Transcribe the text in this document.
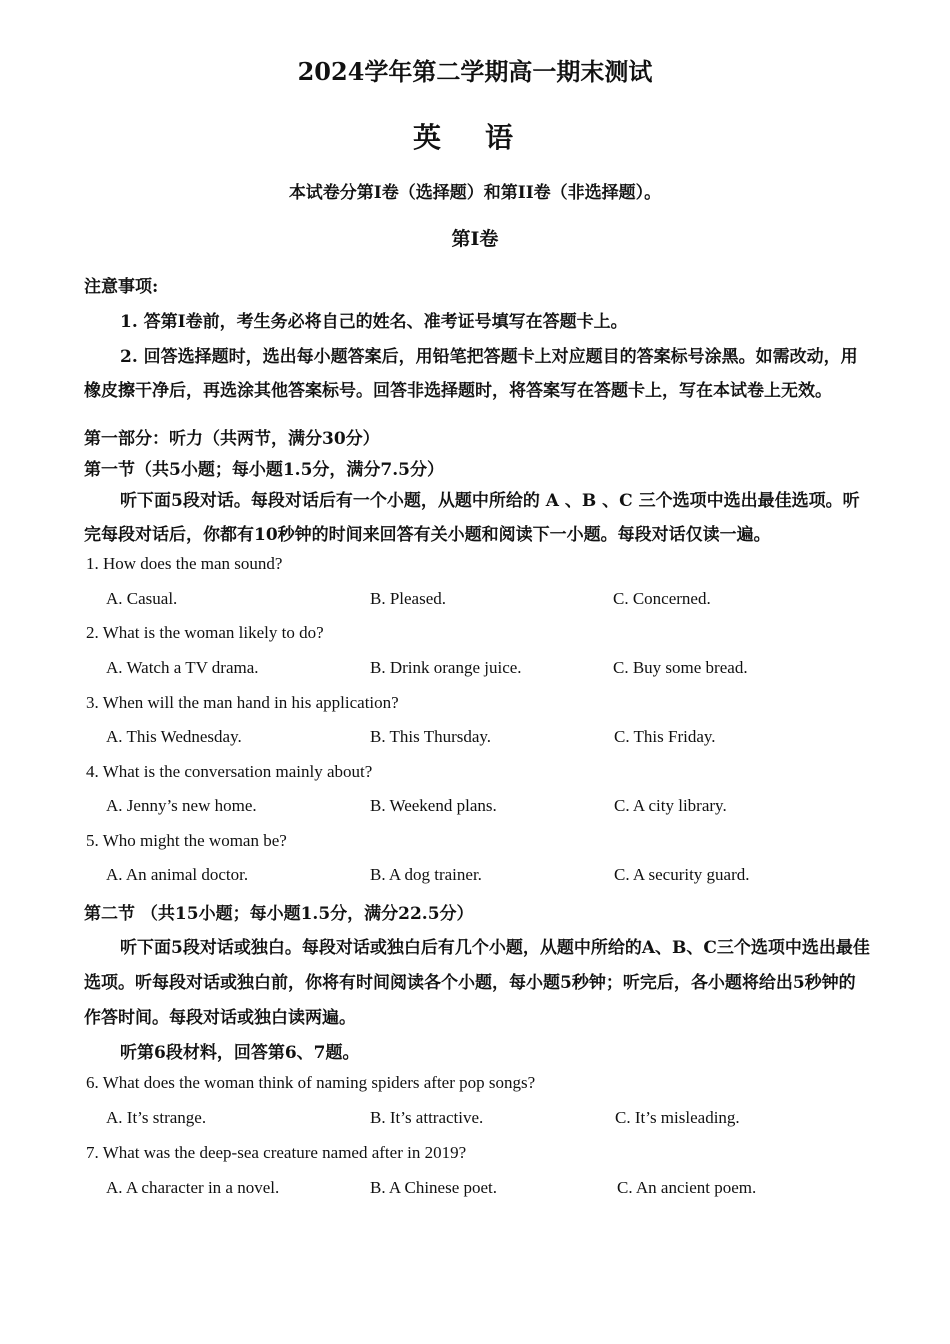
2024学年第二学期高一期末测试
英语
本试卷分第I卷（选择题）和第II卷（非选择题）。
第I卷
注意事项:
1. 答第I卷前，考生务必将自己的姓名、准考证号填写在答题卡上。
2. 回答选择题时，选出每小题答案后，用铅笔把答题卡上对应题目的答案标号涂黑。如需改动，用
橡皮擦干净后，再选涂其他答案标号。回答非选择题时，将答案写在答题卡上，写在本试卷上无效。
第一部分：听力（共两节，满分30分）
第一节（共5小题；每小题1.5分，满分7.5分）
听下面5段对话。每段对话后有一个小题，从题中所给的 A 、B 、C 三个选项中选出最佳选项。听
完每段对话后，你都有10秒钟的时间来回答有关小题和阅读下一小题。每段对话仅读一遍。
1. How does the man sound?
A. Casual.	B. Pleased.	C. Concerned.
2. What is the woman likely to do?
A. Watch a TV drama.	B. Drink orange juice.	C. Buy some bread.
3. When will the man hand in his application?
A. This Wednesday.	B. This Thursday.	C. This Friday.
4. What is the conversation mainly about?
A. Jenny’s new home.	B. Weekend plans.	C. A city library.
5. Who might the woman be?
A. An animal doctor.	B. A dog trainer.	C. A security guard.
第二节 （共15小题；每小题1.5分，满分22.5分）
听下面5段对话或独白。每段对话或独白后有几个小题，从题中所给的A、B、C三个选项中选出最佳
选项。听每段对话或独白前，你将有时间阅读各个小题，每小题5秒钟；听完后，各小题将给出5秒钟的
作答时间。每段对话或独白读两遍。
听第6段材料，回答第6、7题。
6. What does the woman think of naming spiders after pop songs?
A. It’s strange.	B. It’s attractive.	C. It’s misleading.
7. What was the deep-sea creature named after in 2019?
A. A character in a novel.	B. A Chinese poet.	C. An ancient poem.
